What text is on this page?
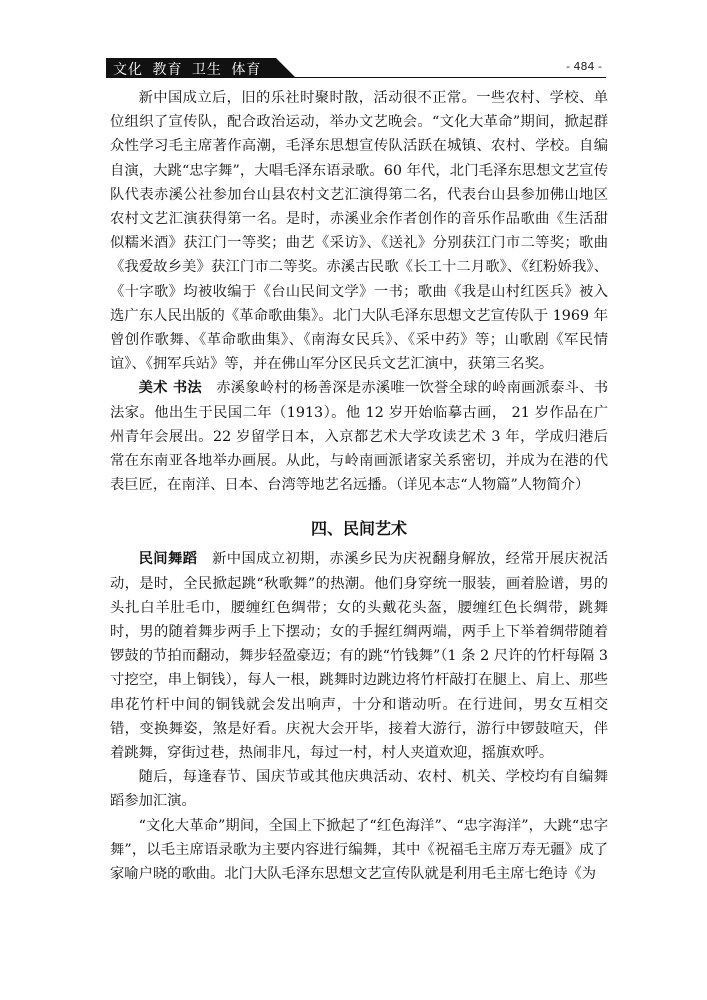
文化 教育 卫生 体育	- 484 -

新中国成立后，旧的乐社时聚时散，活动很不正常。一些农村、学校、单位组织了宣传队，配合政治运动，举办文艺晚会。“文化大革命”期间，掀起群众性学习毛主席著作高潮，毛泽东思想宣传队活跃在城镇、农村、学校。自编自演，大跳“忠字舞”，大唱毛泽东语录歌。60 年代，北门毛泽东思想文艺宣传队代表赤溪公社参加台山县农村文艺汇演得第二名，代表台山县参加佛山地区农村文艺汇演获得第一名。是时，赤溪业余作者创作的音乐作品歌曲《生活甜似糯米酒》获江门一等奖；曲艺《采访》、《送礼》分别获江门市二等奖；歌曲《我爱故乡美》获江门市二等奖。赤溪古民歌《长工十二月歌》、《红粉娇我》、《十字歌》均被收编于《台山民间文学》一书；歌曲《我是山村红医兵》被入选广东人民出版的《革命歌曲集》。北门大队毛泽东思想文艺宣传队于 1969 年曾创作歌舞、《革命歌曲集》、《南海女民兵》、《采中药》等；山歌剧《军民情谊》、《拥军兵站》等，并在佛山军分区民兵文艺汇演中，获第三名奖。

美术 书法 赤溪象岭村的杨善深是赤溪唯一饮誉全球的岭南画派泰斗、书法家。他出生于民国二年（1913）。他 12 岁开始临摹古画， 21 岁作品在广州青年会展出。22 岁留学日本，入京都艺术大学攻读艺术 3 年，学成归港后常在东南亚各地举办画展。从此，与岭南画派诸家关系密切，并成为在港的代表巨匠，在南洋、日本、台湾等地艺名远播。（详见本志“人物篇”人物简介）

四、民间艺术

民间舞蹈 新中国成立初期，赤溪乡民为庆祝翻身解放，经常开展庆祝活动，是时，全民掀起跳“秋歌舞”的热潮。他们身穿统一服装，画着脸谱，男的头扎白羊肚毛巾，腰缠红色绸带；女的头戴花头盔，腰缠红色长绸带，跳舞时，男的随着舞步两手上下摆动；女的手握红绸两端，两手上下举着绸带随着锣鼓的节拍而翻动，舞步轻盈豪迈；有的跳“竹钱舞”（1 条 2 尺许的竹杆每隔 3 寸挖空，串上铜钱），每人一根，跳舞时边跳边将竹杆敲打在腿上、肩上、那些串花竹杆中间的铜钱就会发出响声，十分和谐动听。在行进间，男女互相交错，变换舞姿，煞是好看。庆祝大会开毕，接着大游行，游行中锣鼓喧天，伴着跳舞，穿街过巷，热闹非凡，每过一村，村人夹道欢迎，摇旗欢呼。

随后，每逢春节、国庆节或其他庆典活动、农村、机关、学校均有自编舞蹈参加汇演。

“文化大革命”期间，全国上下掀起了“红色海洋”、“忠字海洋”，大跳“忠字舞”，以毛主席语录歌为主要内容进行编舞，其中《祝福毛主席万寿无疆》成了家喻户晓的歌曲。北门大队毛泽东思想文艺宣传队就是利用毛主席七绝诗《为
